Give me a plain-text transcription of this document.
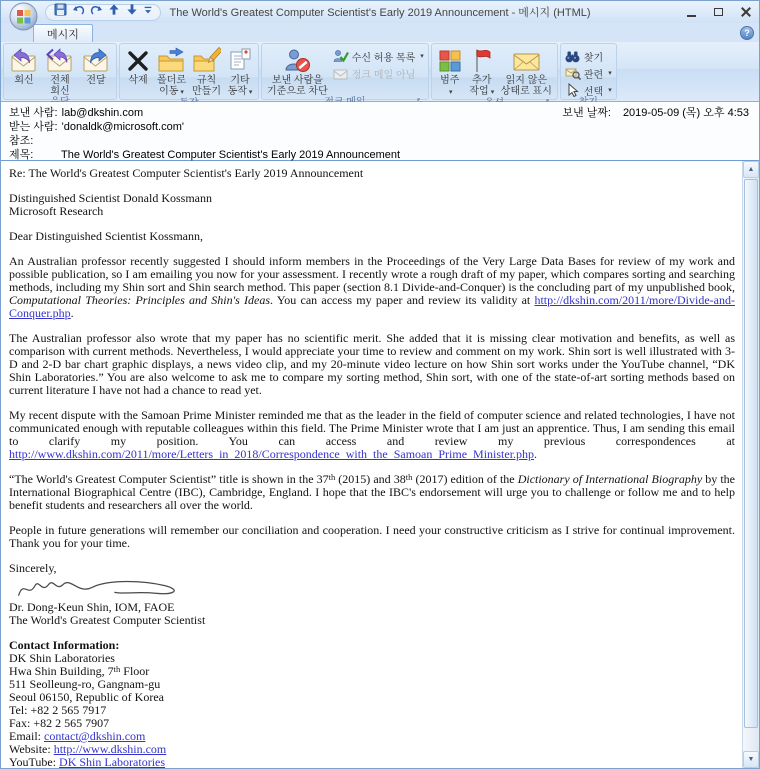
The World's Greatest Computer Scientist's Early 2019 Announcement - 메시지 (HTML)
메시지	?
회신 전체
회신
전달 삭제 폴더로
이동 ▾
규칙
만들기
기타
동작 ▾
보낸 사람을
기준으로 차단
수신 허용 목록 ▾
정크 메일 아님 범주
▾
추가
작업 ▾
읽지 않은
상태로 표시
찾기
관련 ▾
선택 ▾
보낸 사람: lab@dkshin.com
받는 사람: 'donaldk@microsoft.com'
참조:
제목:	The World's Greatest Computer Scientist's Early 2019 Announcement
보낸 날짜:	2019-05-09 (목) 오후 4:53

Re: The World's Greatest Computer Scientist's Early 2019 Announcement

Distinguished Scientist Donald Kossmann

Microsoft Research

Dear Distinguished Scientist Kossmann,

An Australian professor recently suggested I should inform members in the Proceedings of the Very Large Data Bases for review of my work and possible publication, so I am emailing you now for your assessment. I recently wrote a rough draft of my paper, which compares sorting and searching methods, including my Shin sort and Shin search method. This paper (section 8.1 Divide-and-Conquer) is the concluding part of my unpublished book, Computational Theories: Principles and Shin's Ideas. You can access my paper and review its validity at http://dkshin.com/2011/more/Divide-and-Conquer.php.

The Australian professor also wrote that my paper has no scientific merit. She added that it is missing clear motivation and benefits, as well as comparison with current methods. Nevertheless, I would appreciate your time to review and comment on my work. Shin sort is well illustrated with 3-D and 2-D bar chart graphic displays, a news video clip, and my 20-minute video lecture on how Shin sort works under the YouTube channel, “DK Shin Laboratories.” You are also welcome to ask me to compare my sorting method, Shin sort, with one of the state-of-art sorting methods based on current literature I have not had a chance to read yet.

My recent dispute with the Samoan Prime Minister reminded me that as the leader in the field of computer science and related technologies, I have not communicated enough with reputable colleagues within this field. The Prime Minister wrote that I am just an apprentice. Thus, I am sending this email to clarify my position. You can access and review my previous correspondences at http://www.dkshin.com/2011/more/Letters_in_2018/Correspondence_with_the_Samoan_Prime_Minister.php.

“The World's Greatest Computer Scientist” title is shown in the 37th (2015) and 38th (2017) edition of the Dictionary of International Biography by the International Biographical Centre (IBC), Cambridge, England. I hope that the IBC's endorsement will urge you to challenge or follow me and to help benefit students and researchers all over the world.

People in future generations will remember our conciliation and cooperation. I need your constructive criticism as I strive for continual improvement. Thank you for your time.

Sincerely,

Dr. Dong-Keun Shin, IOM, FAOE

The World's Greatest Computer Scientist

Contact Information:

DK Shin Laboratories

Hwa Shin Building, 7th Floor

511 Seolleung-ro, Gangnam-gu

Seoul 06150, Republic of Korea

Tel: +82 2 565 7917

Fax: +82 2 565 7907

Email: contact@dkshin.com

Website: http://www.dkshin.com

YouTube: DK Shin Laboratories

▲
▼
